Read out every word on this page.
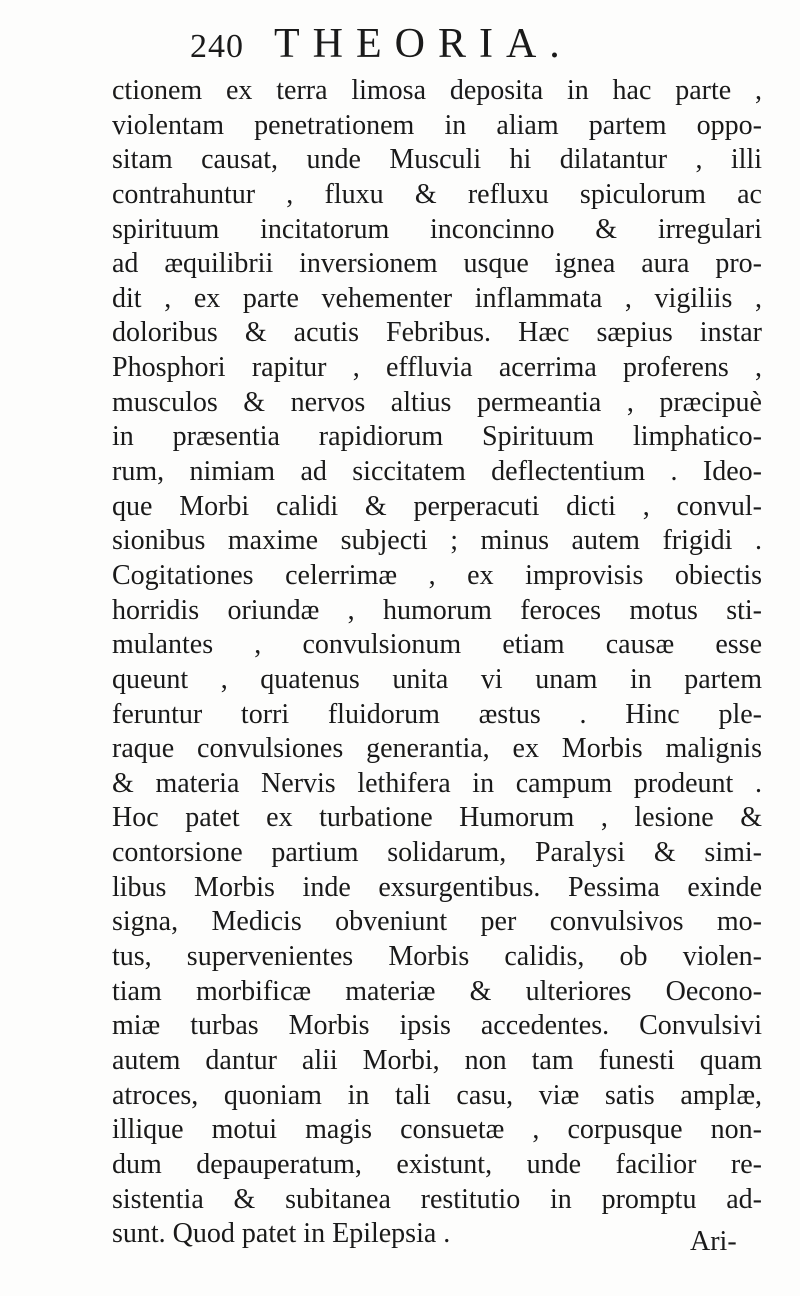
240 THEORIA.
ctionem ex terra limosa deposita in hac parte ,
violentam penetrationem in aliam partem oppo-
sitam causat, unde Musculi hi dilatantur , illi
contrahuntur , fluxu & refluxu spiculorum ac
spirituum incitatorum inconcinno & irregulari
ad æquilibrii inversionem usque ignea aura pro-
dit , ex parte vehementer inflammata , vigiliis ,
doloribus & acutis Febribus. Hæc sæpius instar
Phosphori rapitur , effluvia acerrima proferens ,
musculos & nervos altius permeantia , præcipuè
in præsentia rapidiorum Spirituum limphatico-
rum, nimiam ad siccitatem deflectentium . Ideo-
que Morbi calidi & perperacuti dicti , convul-
sionibus maxime subjecti ; minus autem frigidi .
Cogitationes celerrimæ , ex improvisis obiectis
horridis oriundæ , humorum feroces motus sti-
mulantes , convulsionum etiam causæ esse
queunt , quatenus unita vi unam in partem
feruntur torri fluidorum æstus . Hinc ple-
raque convulsiones generantia, ex Morbis malignis
& materia Nervis lethifera in campum prodeunt .
Hoc patet ex turbatione Humorum , lesione &
contorsione partium solidarum, Paralysi & simi-
libus Morbis inde exsurgentibus. Pessima exinde
signa, Medicis obveniunt per convulsivos mo-
tus, supervenientes Morbis calidis, ob violen-
tiam morbificæ materiæ & ulteriores Oecono-
miæ turbas Morbis ipsis accedentes. Convulsivi
autem dantur alii Morbi, non tam funesti quam
atroces, quoniam in tali casu, viæ satis amplæ,
illique motui magis consuetæ , corpusque non-
dum depauperatum, existunt, unde facilior re-
sistentia & subitanea restitutio in promptu ad-
sunt. Quod patet in Epilepsia .	Ari-
